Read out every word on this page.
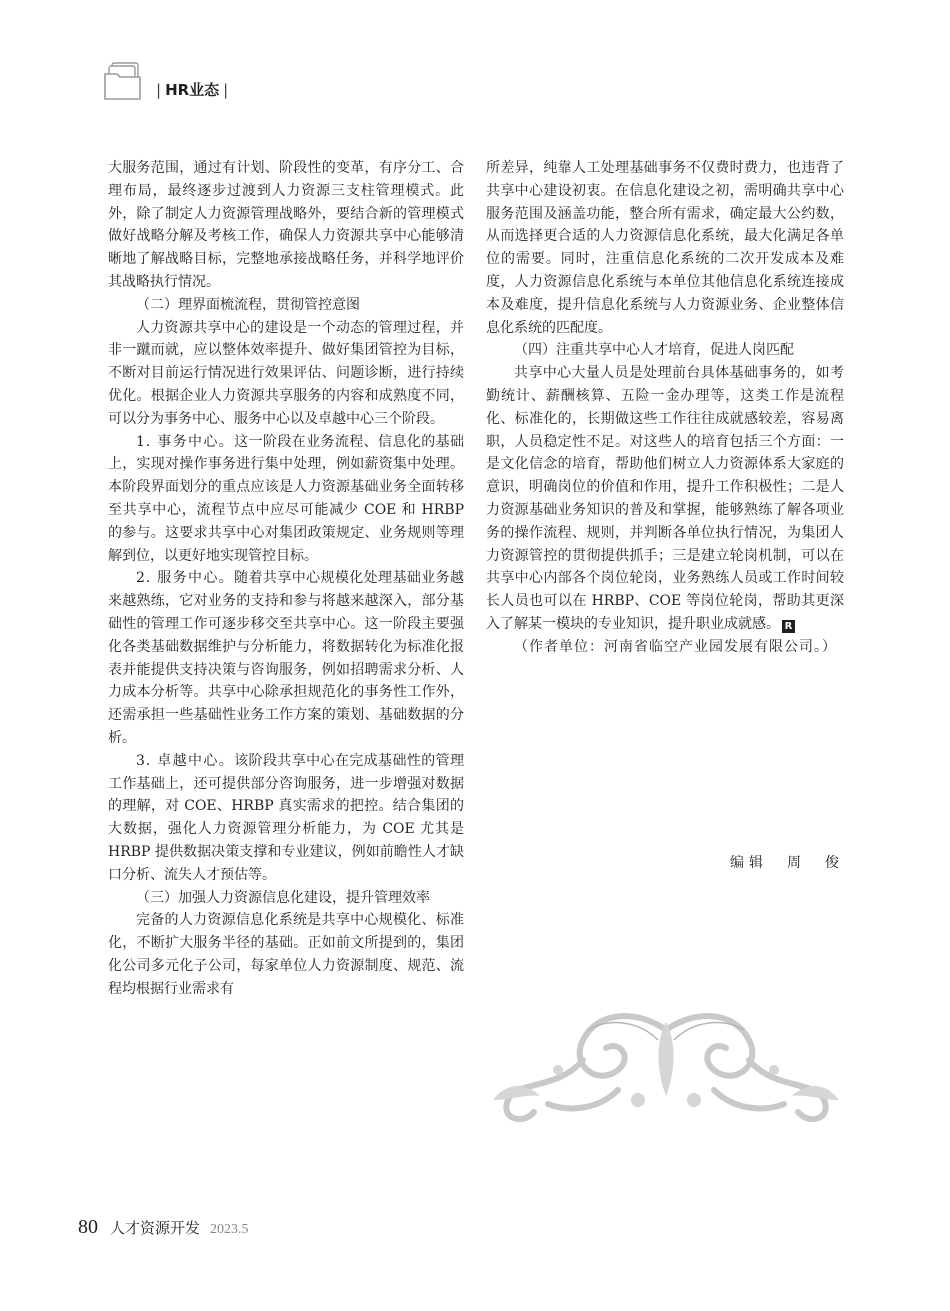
| HR业态 |

大服务范围，通过有计划、阶段性的变革，有序分工、合理布局，最终逐步过渡到人力资源三支柱管理模式。此外，除了制定人力资源管理战略外，要结合新的管理模式做好战略分解及考核工作，确保人力资源共享中心能够清晰地了解战略目标，完整地承接战略任务，并科学地评价其战略执行情况。

（二）理界面梳流程，贯彻管控意图

人力资源共享中心的建设是一个动态的管理过程，并非一蹴而就，应以整体效率提升、做好集团管控为目标，不断对目前运行情况进行效果评估、问题诊断，进行持续优化。根据企业人力资源共享服务的内容和成熟度不同，可以分为事务中心、服务中心以及卓越中心三个阶段。

1. 事务中心。这一阶段在业务流程、信息化的基础上，实现对操作事务进行集中处理，例如薪资集中处理。本阶段界面划分的重点应该是人力资源基础业务全面转移至共享中心，流程节点中应尽可能减少 COE 和 HRBP 的参与。这要求共享中心对集团政策规定、业务规则等理解到位，以更好地实现管控目标。

2. 服务中心。随着共享中心规模化处理基础业务越来越熟练，它对业务的支持和参与将越来越深入，部分基础性的管理工作可逐步移交至共享中心。这一阶段主要强化各类基础数据维护与分析能力，将数据转化为标准化报表并能提供支持决策与咨询服务，例如招聘需求分析、人力成本分析等。共享中心除承担规范化的事务性工作外，还需承担一些基础性业务工作方案的策划、基础数据的分析。

3. 卓越中心。该阶段共享中心在完成基础性的管理工作基础上，还可提供部分咨询服务，进一步增强对数据的理解，对 COE、HRBP 真实需求的把控。结合集团的大数据，强化人力资源管理分析能力，为 COE 尤其是 HRBP 提供数据决策支撑和专业建议，例如前瞻性人才缺口分析、流失人才预估等。

（三）加强人力资源信息化建设，提升管理效率

完备的人力资源信息化系统是共享中心规模化、标准化，不断扩大服务半径的基础。正如前文所提到的，集团化公司多元化子公司，每家单位人力资源制度、规范、流程均根据行业需求有

所差异，纯靠人工处理基础事务不仅费时费力，也违背了共享中心建设初衷。在信息化建设之初，需明确共享中心服务范围及涵盖功能，整合所有需求，确定最大公约数，从而选择更合适的人力资源信息化系统，最大化满足各单位的需要。同时，注重信息化系统的二次开发成本及难度，人力资源信息化系统与本单位其他信息化系统连接成本及难度，提升信息化系统与人力资源业务、企业整体信息化系统的匹配度。

（四）注重共享中心人才培育，促进人岗匹配

共享中心大量人员是处理前台具体基础事务的，如考勤统计、薪酬核算、五险一金办理等，这类工作是流程化、标准化的，长期做这些工作往往成就感较差，容易离职，人员稳定性不足。对这些人的培育包括三个方面：一是文化信念的培育，帮助他们树立人力资源体系大家庭的意识，明确岗位的价值和作用，提升工作积极性；二是人力资源基础业务知识的普及和掌握，能够熟练了解各项业务的操作流程、规则，并判断各单位执行情况，为集团人力资源管控的贯彻提供抓手；三是建立轮岗机制，可以在共享中心内部各个岗位轮岗，业务熟练人员或工作时间较长人员也可以在 HRBP、COE 等岗位轮岗，帮助其更深入了解某一模块的专业知识，提升职业成就感。 R

（作者单位：河南省临空产业园发展有限公司。）

编辑　周　俊
80 人才资源开发 2023.5
